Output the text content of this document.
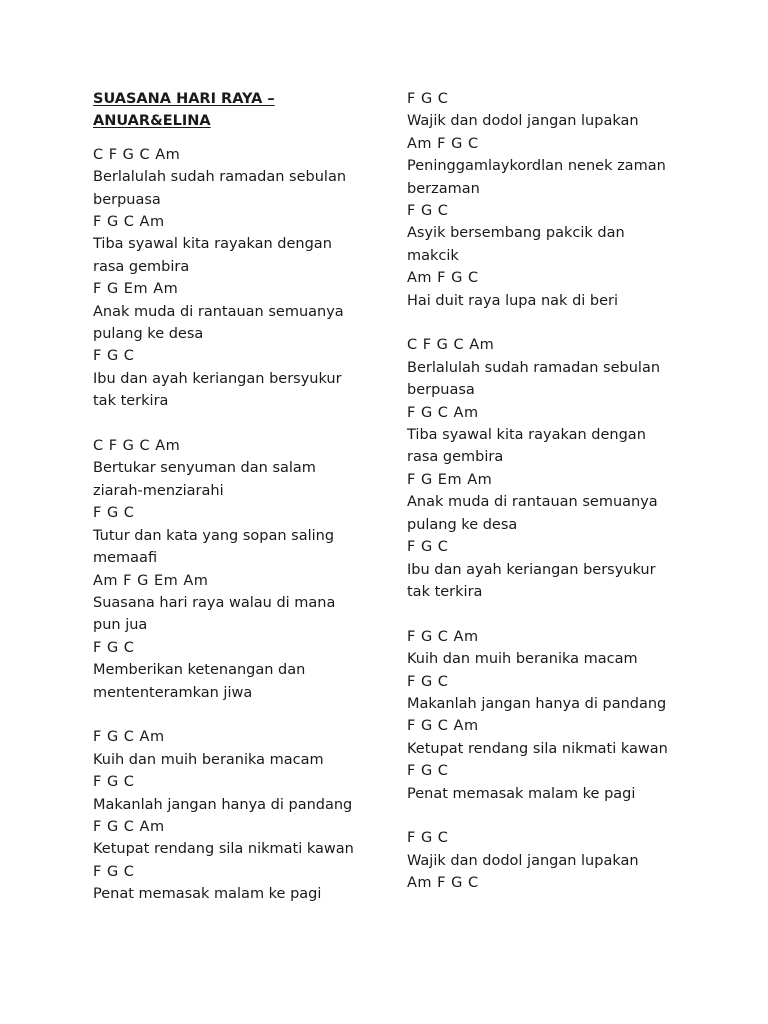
SUASANA HARI RAYA –
ANUAR&ELINA
C F G C Am
Berlalulah sudah ramadan sebulan
berpuasa
F G C Am
Tiba syawal kita rayakan dengan
rasa gembira
F G Em Am
Anak muda di rantauan semuanya
pulang ke desa
F G C
Ibu dan ayah keriangan bersyukur
tak terkira
C F G C Am
Bertukar senyuman dan salam
ziarah-menziarahi
F G C
Tutur dan kata yang sopan saling
memaafi
Am F G Em Am
Suasana hari raya walau di mana
pun jua
F G C
Memberikan ketenangan dan
mententeramkan jiwa
F G C Am
Kuih dan muih beranika macam
F G C
Makanlah jangan hanya di pandang
F G C Am
Ketupat rendang sila nikmati kawan
F G C
Penat memasak malam ke pagi
F G C
Wajik dan dodol jangan lupakan
Am F G C
Peninggamlaykordlan nenek zaman
berzaman
F G C
Asyik bersembang pakcik dan
makcik
Am F G C
Hai duit raya lupa nak di beri
C F G C Am
Berlalulah sudah ramadan sebulan
berpuasa
F G C Am
Tiba syawal kita rayakan dengan
rasa gembira
F G Em Am
Anak muda di rantauan semuanya
pulang ke desa
F G C
Ibu dan ayah keriangan bersyukur
tak terkira
F G C Am
Kuih dan muih beranika macam
F G C
Makanlah jangan hanya di pandang
F G C Am
Ketupat rendang sila nikmati kawan
F G C
Penat memasak malam ke pagi
F G C
Wajik dan dodol jangan lupakan
Am F G C
